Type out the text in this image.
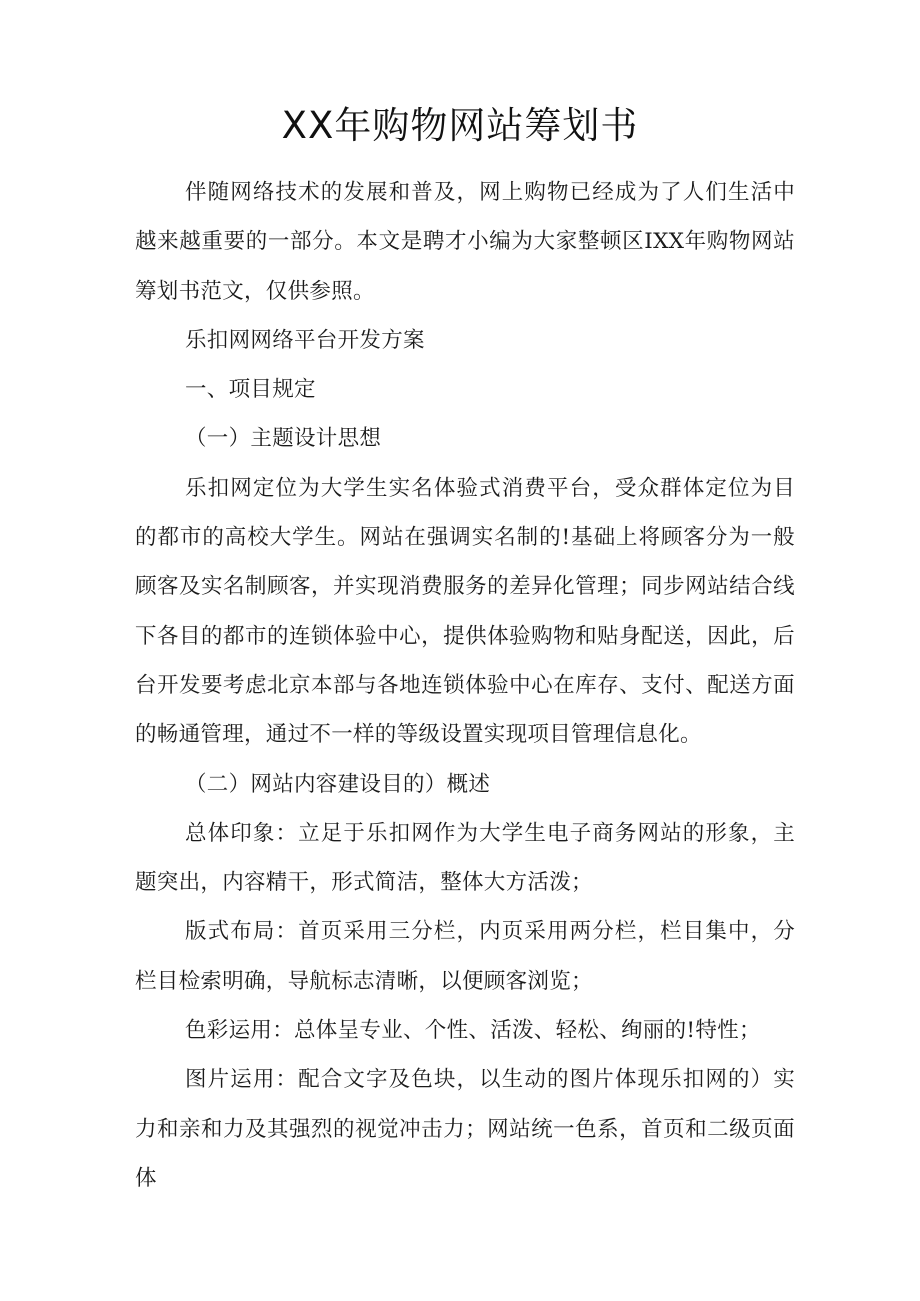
XX年购物网站筹划书

伴随网络技术的发展和普及，网上购物已经成为了人们生活中越来越重要的一部分。本文是聘才小编为大家整顿区IXX年购物网站筹划书范文，仅供参照。

乐扣网网络平台开发方案

一、项目规定

（一）主题设计思想

乐扣网定位为大学生实名体验式消费平台，受众群体定位为目的都市的高校大学生。网站在强调实名制的!基础上将顾客分为一般顾客及实名制顾客，并实现消费服务的差异化管理；同步网站结合线下各目的都市的连锁体验中心，提供体验购物和贴身配送，因此，后台开发要考虑北京本部与各地连锁体验中心在库存、支付、配送方面的畅通管理，通过不一样的等级设置实现项目管理信息化。

（二）网站内容建设目的）概述

总体印象：立足于乐扣网作为大学生电子商务网站的形象，主题突出，内容精干，形式简洁，整体大方活泼；

版式布局：首页采用三分栏，内页采用两分栏，栏目集中，分栏目检索明确，导航标志清晰，以便顾客浏览；

色彩运用：总体呈专业、个性、活泼、轻松、绚丽的!特性；

图片运用：配合文字及色块，以生动的图片体现乐扣网的）实力和亲和力及其强烈的视觉冲击力；网站统一色系，首页和二级页面体
